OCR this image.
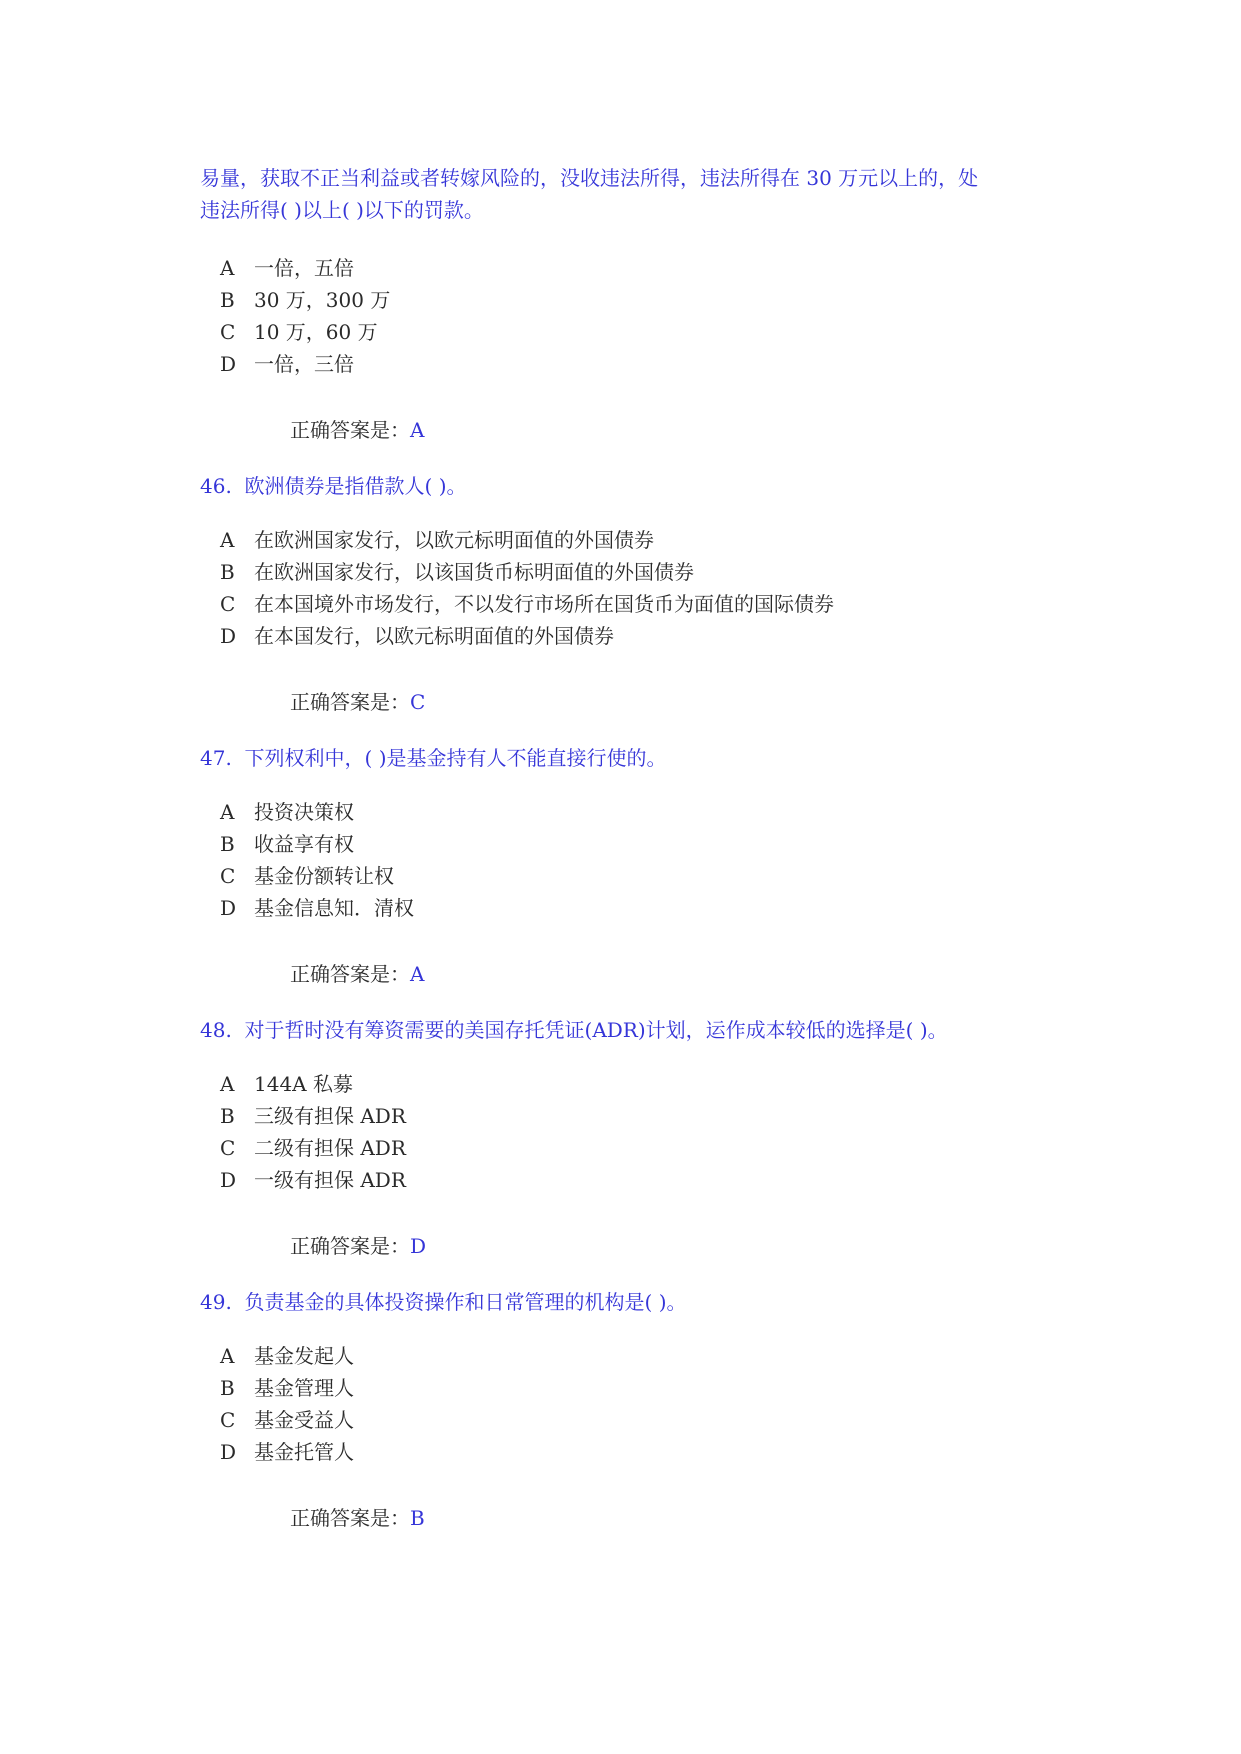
易量，获取不正当利益或者转嫁风险的，没收违法所得，违法所得在 30 万元以上的，处
违法所得( )以上( )以下的罚款。
A 一倍，五倍
B 30 万，300 万
C 10 万，60 万
D 一倍，三倍
正确答案是：A
46. 欧洲债券是指借款人( )。
A 在欧洲国家发行，以欧元标明面值的外国债券
B 在欧洲国家发行，以该国货币标明面值的外国债券
C 在本国境外市场发行，不以发行市场所在国货币为面值的国际债券
D 在本国发行，以欧元标明面值的外国债券
正确答案是：C
47. 下列权利中，( )是基金持有人不能直接行使的。
A 投资决策权
B 收益享有权
C 基金份额转让权
D 基金信息知．清权
正确答案是：A
48. 对于哲时没有筹资需要的美国存托凭证(ADR)计划，运作成本较低的选择是( )。
A 144A 私募
B 三级有担保 ADR
C 二级有担保 ADR
D 一级有担保 ADR
正确答案是：D
49. 负责基金的具体投资操作和日常管理的机构是( )。
A 基金发起人
B 基金管理人
C 基金受益人
D 基金托管人
正确答案是：B
